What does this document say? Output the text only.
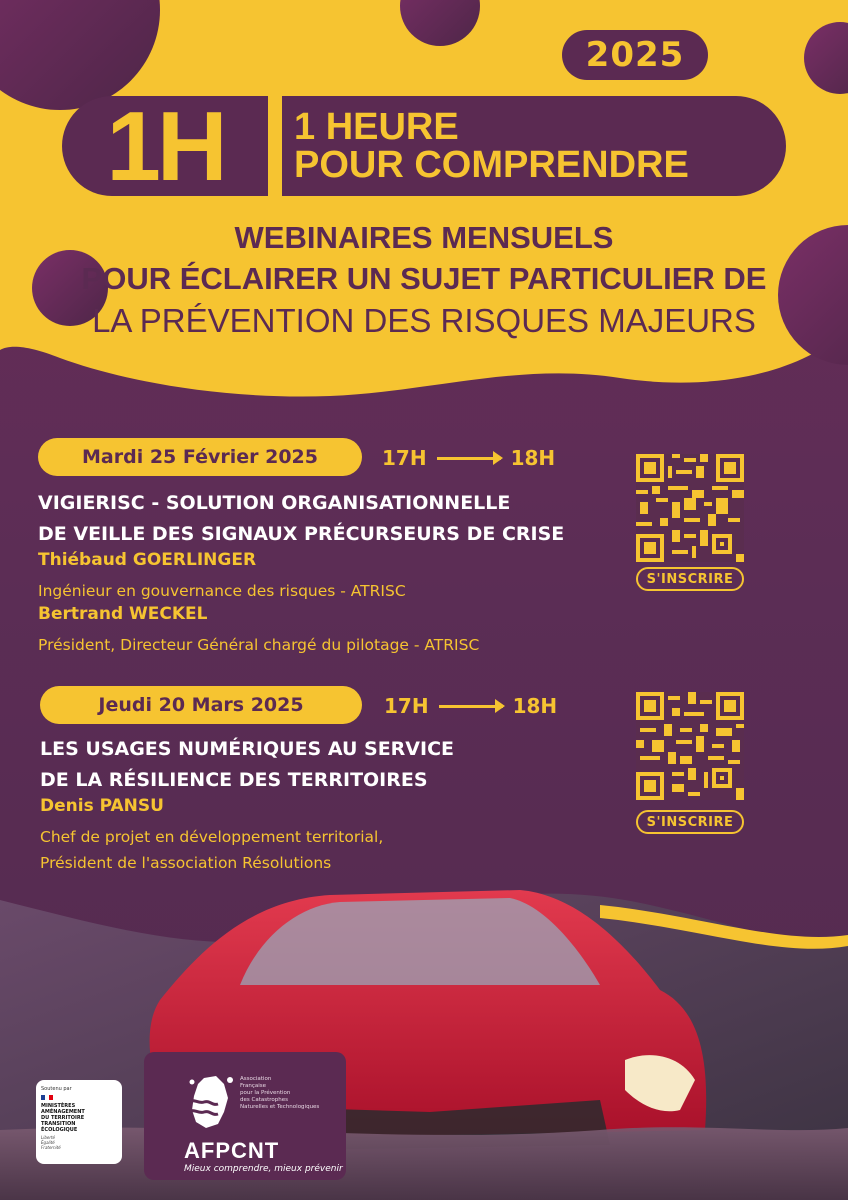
2025
1H	1 HEURE
POUR COMPRENDRE
WEBINAIRES MENSUELS
POUR ÉCLAIRER UN SUJET PARTICULIER DE
LA PRÉVENTION DES RISQUES MAJEURS
Mardi 25 Février 2025	17H	18H
VIGIERISC - SOLUTION ORGANISATIONNELLE
DE VEILLE DES SIGNAUX PRÉCURSEURS DE CRISE
Thiébaud GOERLINGER
Ingénieur en gouvernance des risques - ATRISC
Bertrand WECKEL
Président, Directeur Général chargé du pilotage - ATRISC
S'INSCRIRE
Jeudi 20 Mars 2025	17H	18H
LES USAGES NUMÉRIQUES AU SERVICE
DE LA RÉSILIENCE DES TERRITOIRES
Denis PANSU
Chef de projet en développement territorial,
Président de l'association Résolutions
S'INSCRIRE
Soutenu par
MINISTÈRES
AMÉNAGEMENT
DU TERRITOIRE
TRANSITION
ÉCOLOGIQUE
Liberté
Égalité
Fraternité
Association
Française
pour la Prévention
des Catastrophes
Naturelles et Technologiques
AFPCNT
Mieux comprendre, mieux prévenir
